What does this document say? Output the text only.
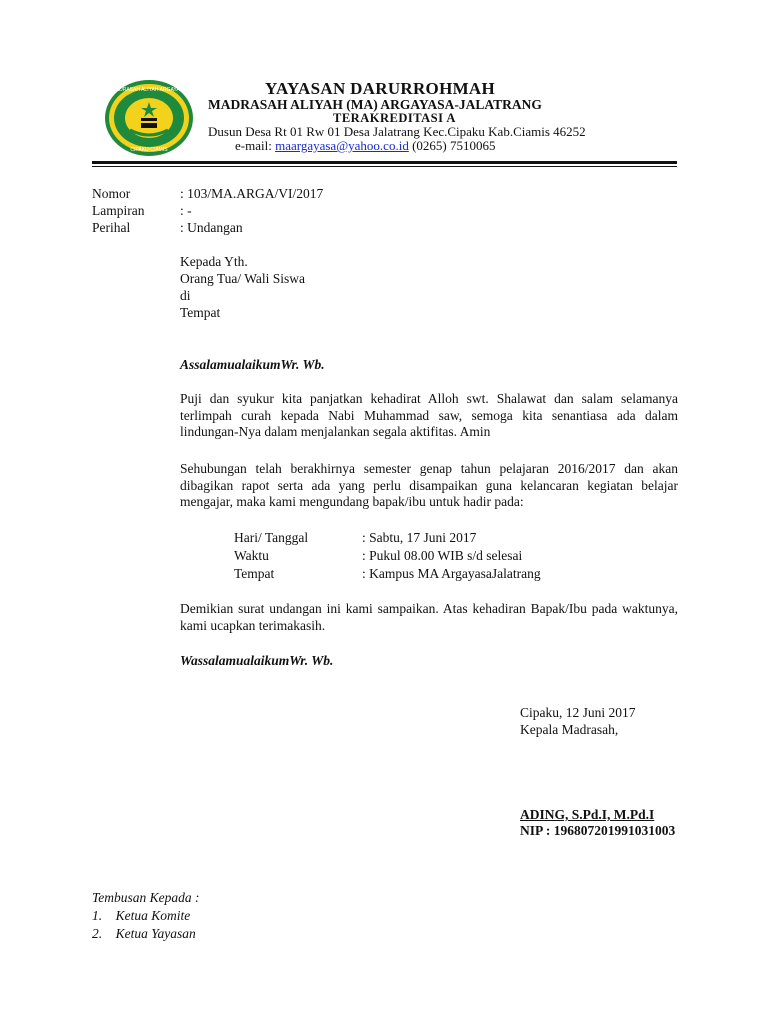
MADRASAH ALIYAH ARGAYASA
CIPAKU-CIAMIS
YAYASAN DARURROHMAH
MADRASAH ALIYAH (MA) ARGAYASA-JALATRANG
TERAKREDITASI A
Dusun Desa Rt 01 Rw 01 Desa Jalatrang Kec.Cipaku Kab.Ciamis 46252
e-mail: maargayasa@yahoo.co.id (0265) 7510065
Nomor	: 103/MA.ARGA/VI/2017
Lampiran	: -
Perihal	: Undangan
Kepada Yth.
Orang Tua/ Wali Siswa
di
Tempat
AssalamualaikumWr. Wb.
Puji dan syukur kita panjatkan kehadirat Alloh swt. Shalawat dan salam selamanya terlimpah curah kepada Nabi Muhammad saw, semoga kita senantiasa ada dalam lindungan-Nya dalam menjalankan segala aktifitas. Amin
Sehubungan telah berakhirnya semester genap tahun pelajaran 2016/2017 dan akan dibagikan rapot serta ada yang perlu disampaikan guna kelancaran kegiatan belajar mengajar, maka kami mengundang bapak/ibu untuk hadir pada:
Hari/ Tanggal	: Sabtu, 17 Juni 2017
Waktu	: Pukul 08.00 WIB s/d selesai
Tempat	: Kampus MA ArgayasaJalatrang
Demikian surat undangan ini kami sampaikan. Atas kehadiran Bapak/Ibu pada waktunya, kami ucapkan terimakasih.
WassalamualaikumWr. Wb.
Cipaku, 12 Juni 2017
Kepala Madrasah,
ADING, S.Pd.I, M.Pd.I
NIP : 196807201991031003
Tembusan Kepada :
1.    Ketua Komite
2.    Ketua Yayasan
